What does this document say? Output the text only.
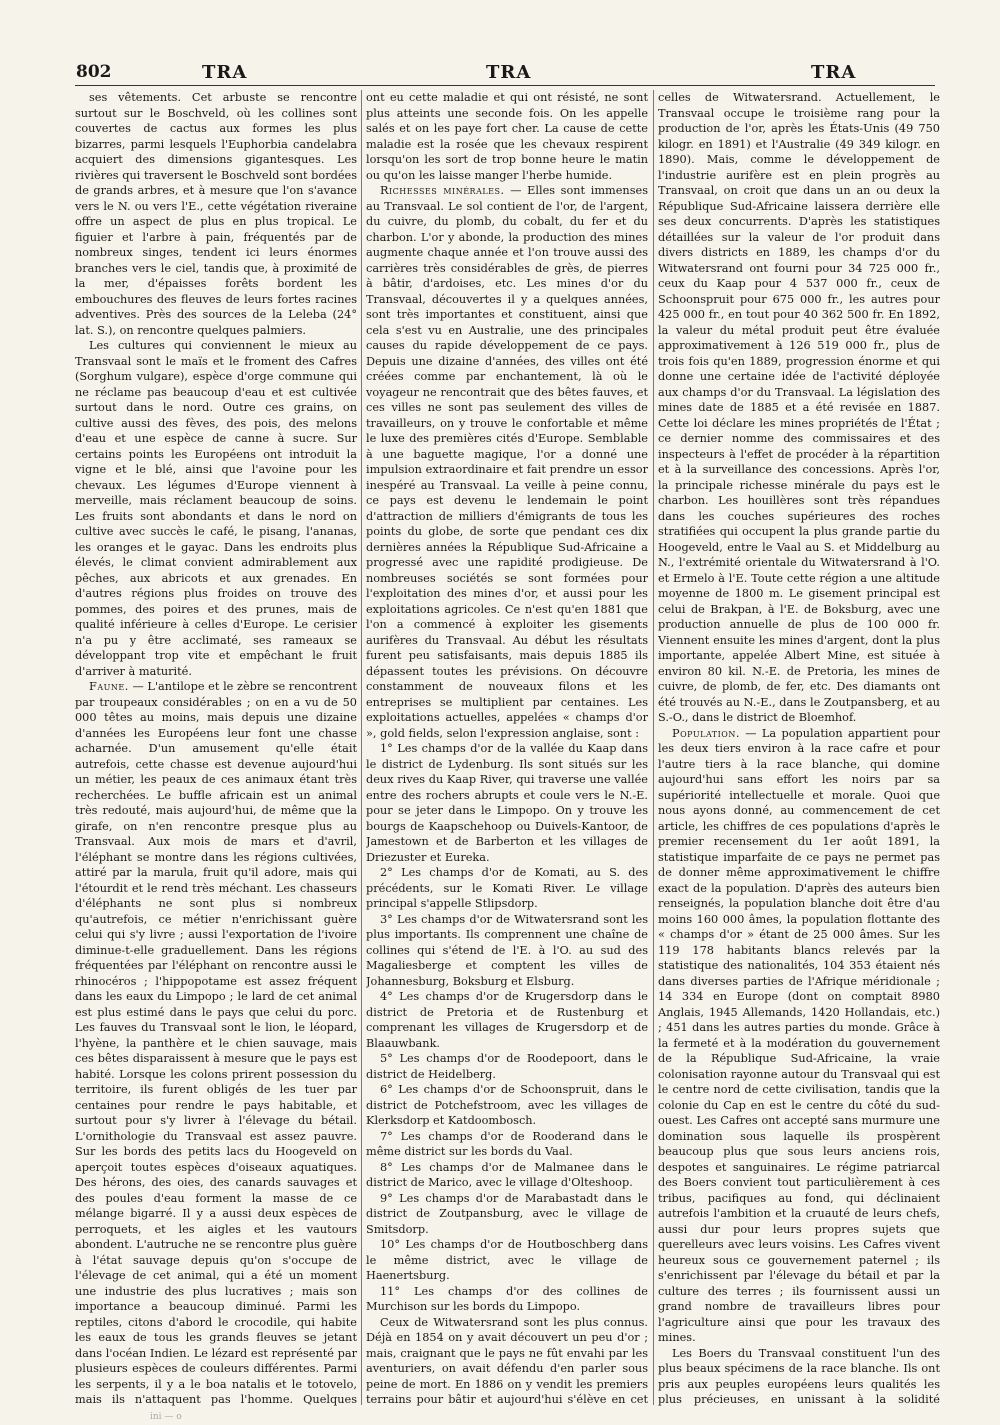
802	TRA	TRA	TRA

ses vêtements. Cet arbuste se rencontre surtout sur le Boschveld, où les collines sont couvertes de cactus aux formes les plus bizarres, parmi lesquels l'Euphorbia candelabra acquiert des dimensions gigantesques. Les rivières qui traversent le Boschveld sont bordées de grands arbres, et à mesure que l'on s'avance vers le N. ou vers l'E., cette végétation riveraine offre un aspect de plus en plus tropical. Le figuier et l'arbre à pain, fréquentés par de nombreux singes, tendent ici leurs énormes branches vers le ciel, tandis que, à proximité de la mer, d'épaisses forêts bordent les embouchures des fleuves de leurs fortes racines adventives. Près des sources de la Leleba (24° lat. S.), on rencontre quelques palmiers.

Les cultures qui conviennent le mieux au Transvaal sont le maïs et le froment des Cafres (Sorghum vulgare), espèce d'orge commune qui ne réclame pas beaucoup d'eau et est cultivée surtout dans le nord. Outre ces grains, on cultive aussi des fèves, des pois, des melons d'eau et une espèce de canne à sucre. Sur certains points les Européens ont introduit la vigne et le blé, ainsi que l'avoine pour les chevaux. Les légumes d'Europe viennent à merveille, mais réclament beaucoup de soins. Les fruits sont abondants et dans le nord on cultive avec succès le café, le pisang, l'ananas, les oranges et le gayac. Dans les endroits plus élevés, le climat convient admirablement aux pêches, aux abricots et aux grenades. En d'autres régions plus froides on trouve des pommes, des poires et des prunes, mais de qualité inférieure à celles d'Europe. Le cerisier n'a pu y être acclimaté, ses rameaux se développant trop vite et empêchant le fruit d'arriver à maturité.

Faune. — L'antilope et le zèbre se rencontrent par troupeaux considérables ; on en a vu de 50 000 têtes au moins, mais depuis une dizaine d'années les Européens leur font une chasse acharnée. D'un amusement qu'elle était autrefois, cette chasse est devenue aujourd'hui un métier, les peaux de ces animaux étant très recherchées. Le buffle africain est un animal très redouté, mais aujourd'hui, de même que la girafe, on n'en rencontre presque plus au Transvaal. Aux mois de mars et d'avril, l'éléphant se montre dans les régions cultivées, attiré par la marula, fruit qu'il adore, mais qui l'étourdit et le rend très méchant. Les chasseurs d'éléphants ne sont plus si nombreux qu'autrefois, ce métier n'enrichissant guère celui qui s'y livre ; aussi l'exportation de l'ivoire diminue-t-elle graduellement. Dans les régions fréquentées par l'éléphant on rencontre aussi le rhinocéros ; l'hippopotame est assez fréquent dans les eaux du Limpopo ; le lard de cet animal est plus estimé dans le pays que celui du porc. Les fauves du Transvaal sont le lion, le léopard, l'hyène, la panthère et le chien sauvage, mais ces bêtes disparaissent à mesure que le pays est habité. Lorsque les colons prirent possession du territoire, ils furent obligés de les tuer par centaines pour rendre le pays habitable, et surtout pour s'y livrer à l'élevage du bétail. L'ornithologie du Transvaal est assez pauvre. Sur les bords des petits lacs du Hoogeveld on aperçoit toutes espèces d'oiseaux aquatiques. Des hérons, des oies, des canards sauvages et des poules d'eau forment la masse de ce mélange bigarré. Il y a aussi deux espèces de perroquets, et les aigles et les vautours abondent. L'autruche ne se rencontre plus guère à l'état sauvage depuis qu'on s'occupe de l'élevage de cet animal, qui a été un moment une industrie des plus lucratives ; mais son importance a beaucoup diminué. Parmi les reptiles, citons d'abord le crocodile, qui habite les eaux de tous les grands fleuves se jetant dans l'océan Indien. Le lézard est représenté par plusieurs espèces de couleurs différentes. Parmi les serpents, il y a le boa natalis et le totovelo, mais ils n'attaquent pas l'homme. Quelques

ont eu cette maladie et qui ont résisté, ne sont plus atteints une seconde fois. On les appelle salés et on les paye fort cher. La cause de cette maladie est la rosée que les chevaux respirent lorsqu'on les sort de trop bonne heure le matin ou qu'on les laisse manger l'herbe humide.

Richesses minérales. — Elles sont immenses au Transvaal. Le sol contient de l'or, de l'argent, du cuivre, du plomb, du cobalt, du fer et du charbon. L'or y abonde, la production des mines augmente chaque année et l'on trouve aussi des carrières très considérables de grès, de pierres à bâtir, d'ardoises, etc. Les mines d'or du Transvaal, découvertes il y a quelques années, sont très importantes et constituent, ainsi que cela s'est vu en Australie, une des principales causes du rapide développement de ce pays. Depuis une dizaine d'années, des villes ont été créées comme par enchantement, là où le voyageur ne rencontrait que des bêtes fauves, et ces villes ne sont pas seulement des villes de travailleurs, on y trouve le confortable et même le luxe des premières cités d'Europe. Semblable à une baguette magique, l'or a donné une impulsion extraordinaire et fait prendre un essor inespéré au Transvaal. La veille à peine connu, ce pays est devenu le lendemain le point d'attraction de milliers d'émigrants de tous les points du globe, de sorte que pendant ces dix dernières années la République Sud-Africaine a progressé avec une rapidité prodigieuse. De nombreuses sociétés se sont formées pour l'exploitation des mines d'or, et aussi pour les exploitations agricoles. Ce n'est qu'en 1881 que l'on a commencé à exploiter les gisements aurifères du Transvaal. Au début les résultats furent peu satisfaisants, mais depuis 1885 ils dépassent toutes les prévisions. On découvre constamment de nouveaux filons et les entreprises se multiplient par centaines. Les exploitations actuelles, appelées « champs d'or », gold fields, selon l'expression anglaise, sont :

1° Les champs d'or de la vallée du Kaap dans le district de Lydenburg. Ils sont situés sur les deux rives du Kaap River, qui traverse une vallée entre des rochers abrupts et coule vers le N.-E. pour se jeter dans le Limpopo. On y trouve les bourgs de Kaapschehoop ou Duivels-Kantoor, de Jamestown et de Barberton et les villages de Driezuster et Eureka.

2° Les champs d'or de Komati, au S. des précédents, sur le Komati River. Le village principal s'appelle Stlipsdorp.

3° Les champs d'or de Witwatersrand sont les plus importants. Ils comprennent une chaîne de collines qui s'étend de l'E. à l'O. au sud des Magaliesberge et comptent les villes de Johannesburg, Boksburg et Elsburg.

4° Les champs d'or de Krugersdorp dans le district de Pretoria et de Rustenburg et comprenant les villages de Krugersdorp et de Blaauwbank.

5° Les champs d'or de Roodepoort, dans le district de Heidelberg.

6° Les champs d'or de Schoonspruit, dans le district de Potchefstroom, avec les villages de Klerksdorp et Katdoombosch.

7° Les champs d'or de Rooderand dans le même district sur les bords du Vaal.

8° Les champs d'or de Malmanee dans le district de Marico, avec le village d'Olteshoop.

9° Les champs d'or de Marabastadt dans le district de Zoutpansburg, avec le village de Smitsdorp.

10° Les champs d'or de Houtboschberg dans le même district, avec le village de Haenertsburg.

11° Les champs d'or des collines de Murchison sur les bords du Limpopo.

Ceux de Witwatersrand sont les plus connus. Déjà en 1854 on y avait découvert un peu d'or ; mais, craignant que le pays ne fût envahi par les aventuriers, on avait défendu d'en parler sous peine de mort. En 1886 on y vendit les premiers terrains pour bâtir et aujourd'hui s'élève en cet

celles de Witwatersrand. Actuellement, le Transvaal occupe le troisième rang pour la production de l'or, après les États-Unis (49 750 kilogr. en 1891) et l'Australie (49 349 kilogr. en 1890). Mais, comme le développement de l'industrie aurifère est en plein progrès au Transvaal, on croit que dans un an ou deux la République Sud-Africaine laissera derrière elle ses deux concurrents. D'après les statistiques détaillées sur la valeur de l'or produit dans divers districts en 1889, les champs d'or du Witwatersrand ont fourni pour 34 725 000 fr., ceux du Kaap pour 4 537 000 fr., ceux de Schoonspruit pour 675 000 fr., les autres pour 425 000 fr., en tout pour 40 362 500 fr. En 1892, la valeur du métal produit peut être évaluée approximativement à 126 519 000 fr., plus de trois fois qu'en 1889, progression énorme et qui donne une certaine idée de l'activité déployée aux champs d'or du Transvaal. La législation des mines date de 1885 et a été revisée en 1887. Cette loi déclare les mines propriétés de l'État ; ce dernier nomme des commissaires et des inspecteurs à l'effet de procéder à la répartition et à la surveillance des concessions. Après l'or, la principale richesse minérale du pays est le charbon. Les houillères sont très répandues dans les couches supérieures des roches stratifiées qui occupent la plus grande partie du Hoogeveld, entre le Vaal au S. et Middelburg au N., l'extrémité orientale du Witwatersrand à l'O. et Ermelo à l'E. Toute cette région a une altitude moyenne de 1800 m. Le gisement principal est celui de Brakpan, à l'E. de Boksburg, avec une production annuelle de plus de 100 000 fr. Viennent ensuite les mines d'argent, dont la plus importante, appelée Albert Mine, est située à environ 80 kil. N.-E. de Pretoria, les mines de cuivre, de plomb, de fer, etc. Des diamants ont été trouvés au N.-E., dans le Zoutpansberg, et au S.-O., dans le district de Bloemhof.

Population. — La population appartient pour les deux tiers environ à la race cafre et pour l'autre tiers à la race blanche, qui domine aujourd'hui sans effort les noirs par sa supériorité intellectuelle et morale. Quoi que nous ayons donné, au commencement de cet article, les chiffres de ces populations d'après le premier recensement du 1er août 1891, la statistique imparfaite de ce pays ne permet pas de donner même approximativement le chiffre exact de la population. D'après des auteurs bien renseignés, la population blanche doit être d'au moins 160 000 âmes, la population flottante des « champs d'or » étant de 25 000 âmes. Sur les 119 178 habitants blancs relevés par la statistique des nationalités, 104 353 étaient nés dans diverses parties de l'Afrique méridionale ; 14 334 en Europe (dont on comptait 8980 Anglais, 1945 Allemands, 1420 Hollandais, etc.) ; 451 dans les autres parties du monde. Grâce à la fermeté et à la modération du gouvernement de la République Sud-Africaine, la vraie colonisation rayonne autour du Transvaal qui est le centre nord de cette civilisation, tandis que la colonie du Cap en est le centre du côté du sud-ouest. Les Cafres ont accepté sans murmure une domination sous laquelle ils prospèrent beaucoup plus que sous leurs anciens rois, despotes et sanguinaires. Le régime patriarcal des Boers convient tout particulièrement à ces tribus, pacifiques au fond, qui déclinaient autrefois l'ambition et la cruauté de leurs chefs, aussi dur pour leurs propres sujets que querelleurs avec leurs voisins. Les Cafres vivent heureux sous ce gouvernement paternel ; ils s'enrichissent par l'élevage du bétail et par la culture des terres ; ils fournissent aussi un grand nombre de travailleurs libres pour l'agriculture ainsi que pour les travaux des mines.

Les Boers du Transvaal constituent l'un des plus beaux spécimens de la race blanche. Ils ont pris aux peuples européens leurs qualités les plus précieuses, en unissant à la solidité

ini — o
